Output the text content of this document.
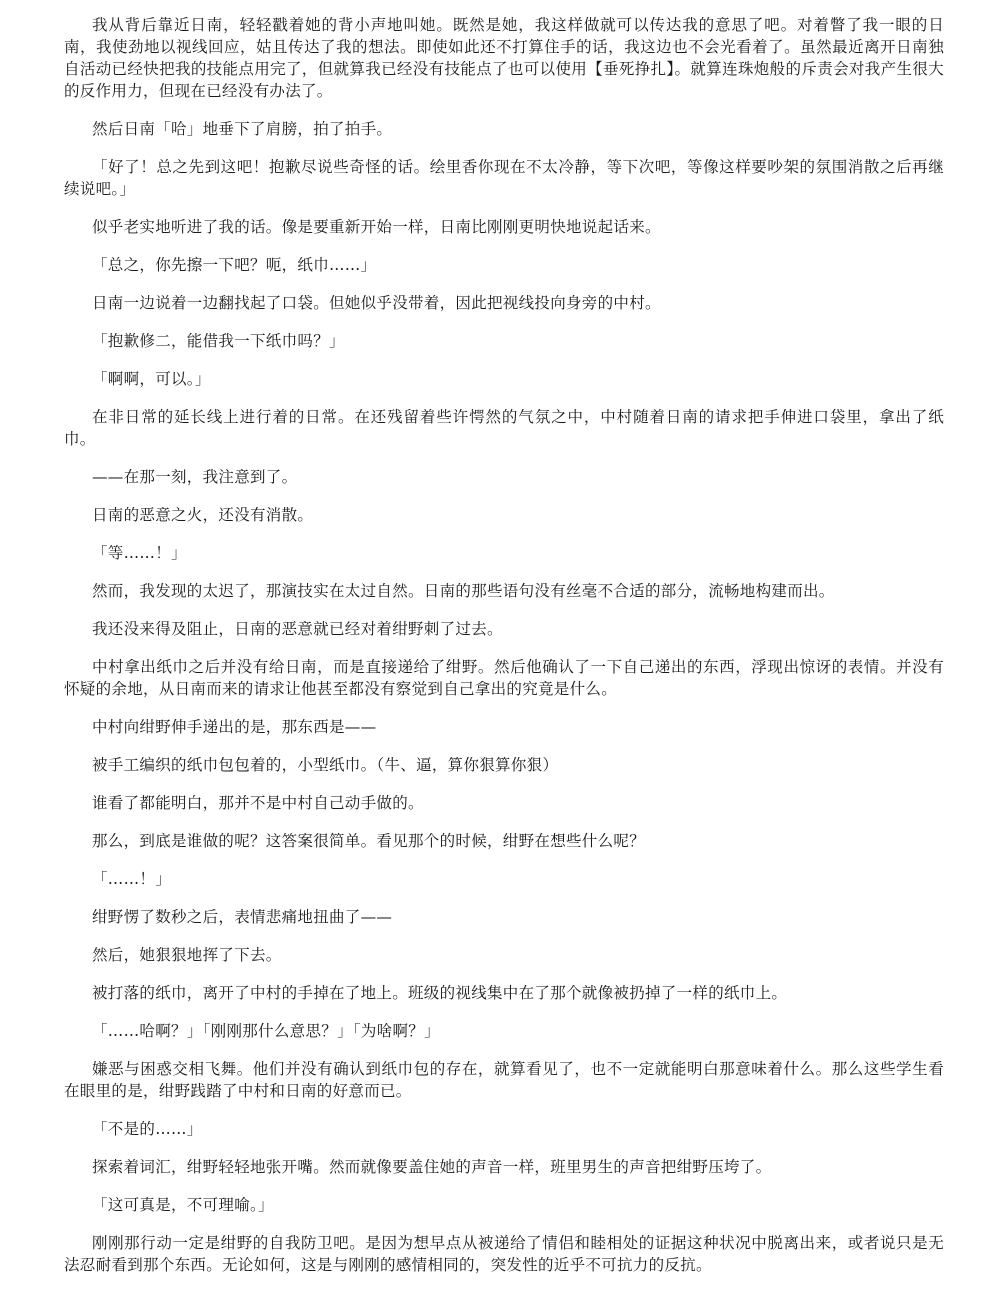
我从背后靠近日南，轻轻戳着她的背小声地叫她。既然是她，我这样做就可以传达我的意思了吧。对着瞥了我一眼的日南，我使劲地以视线回应，姑且传达了我的想法。即使如此还不打算住手的话，我这边也不会光看着了。虽然最近离开日南独自活动已经快把我的技能点用完了，但就算我已经没有技能点了也可以使用【垂死挣扎】。就算连珠炮般的斥责会对我产生很大的反作用力，但现在已经没有办法了。

然后日南「哈」地垂下了肩膀，拍了拍手。

「好了！总之先到这吧！抱歉尽说些奇怪的话。绘里香你现在不太冷静，等下次吧，等像这样要吵架的氛围消散之后再继续说吧。」

似乎老实地听进了我的话。像是要重新开始一样，日南比刚刚更明快地说起话来。

「总之，你先擦一下吧？呃，纸巾……」

日南一边说着一边翻找起了口袋。但她似乎没带着，因此把视线投向身旁的中村。

「抱歉修二，能借我一下纸巾吗？」

「啊啊，可以。」

在非日常的延长线上进行着的日常。在还残留着些许愕然的气氛之中，中村随着日南的请求把手伸进口袋里，拿出了纸巾。

——在那一刻，我注意到了。

日南的恶意之火，还没有消散。

「等……！」

然而，我发现的太迟了，那演技实在太过自然。日南的那些语句没有丝毫不合适的部分，流畅地构建而出。

我还没来得及阻止，日南的恶意就已经对着绀野刺了过去。

中村拿出纸巾之后并没有给日南，而是直接递给了绀野。然后他确认了一下自己递出的东西，浮现出惊讶的表情。并没有怀疑的余地，从日南而来的请求让他甚至都没有察觉到自己拿出的究竟是什么。

中村向绀野伸手递出的是，那东西是——

被手工编织的纸巾包包着的，小型纸巾。（牛、逼，算你狠算你狠）

谁看了都能明白，那并不是中村自己动手做的。

那么，到底是谁做的呢？这答案很简单。看见那个的时候，绀野在想些什么呢？

「……！」

绀野愣了数秒之后，表情悲痛地扭曲了——

然后，她狠狠地挥了下去。

被打落的纸巾，离开了中村的手掉在了地上。班级的视线集中在了那个就像被扔掉了一样的纸巾上。

「……哈啊？」「刚刚那什么意思？」「为啥啊？」

嫌恶与困惑交相飞舞。他们并没有确认到纸巾包的存在，就算看见了，也不一定就能明白那意味着什么。那么这些学生看在眼里的是，绀野践踏了中村和日南的好意而已。

「不是的……」

探索着词汇，绀野轻轻地张开嘴。然而就像要盖住她的声音一样，班里男生的声音把绀野压垮了。

「这可真是，不可理喻。」

刚刚那行动一定是绀野的自我防卫吧。是因为想早点从被递给了情侣和睦相处的证据这种状况中脱离出来，或者说只是无法忍耐看到那个东西。无论如何，这是与刚刚的感情相同的，突发性的近乎不可抗力的反抗。
